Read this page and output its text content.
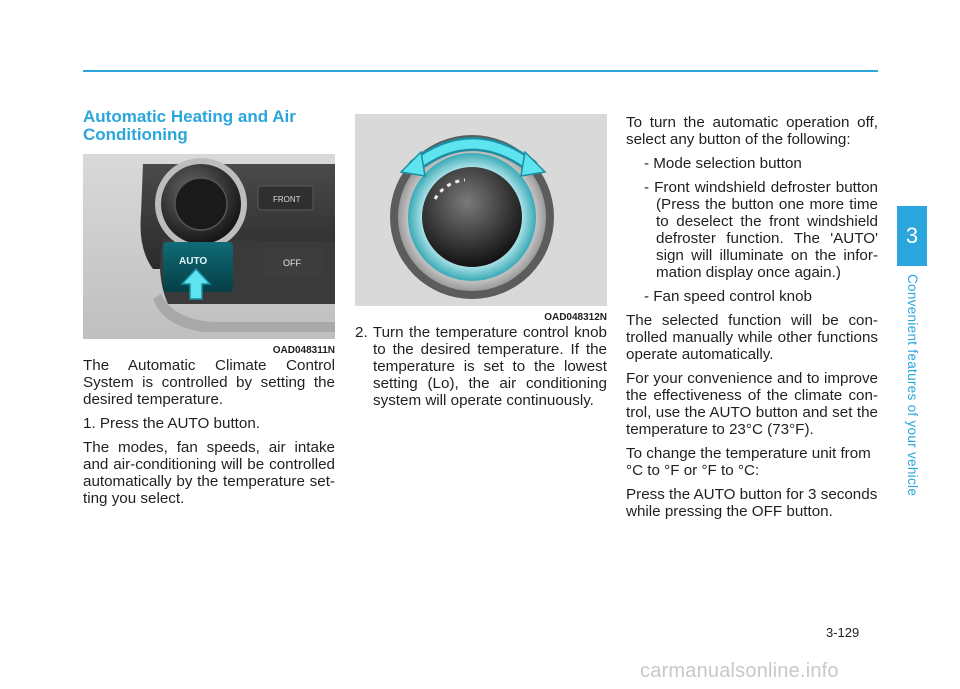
Automatic Heating and Air Conditioning
FRONT
AUTO	OFF
OAD048311N

The Automatic Climate Control System is controlled by setting the desired temperature.

1. Press the AUTO button.

The modes, fan speeds, air intake and air-conditioning will be controlled automatically by the temperature set-ting you select.

OAD048312N

2. Turn the temperature control knob to the desired temperature. If the temperature is set to the lowest setting (Lo), the air conditioning system will operate continuously.

To turn the automatic operation off, select any button of the following:

- Mode selection button

- Front windshield defroster button (Press the button one more time to deselect the front windshield defroster function. The 'AUTO' sign will illuminate on the infor-mation display once again.)

- Fan speed control knob

The selected function will be con-trolled manually while other functions operate automatically.

For your convenience and to improve the effectiveness of the climate con-trol, use the AUTO button and set the temperature to 23°C (73°F).

To change the temperature unit from °C to °F or °F to °C:

Press the AUTO button for 3 seconds while pressing the OFF button.

3
Convenient features of your vehicle
3-129
carmanualsonline.info
